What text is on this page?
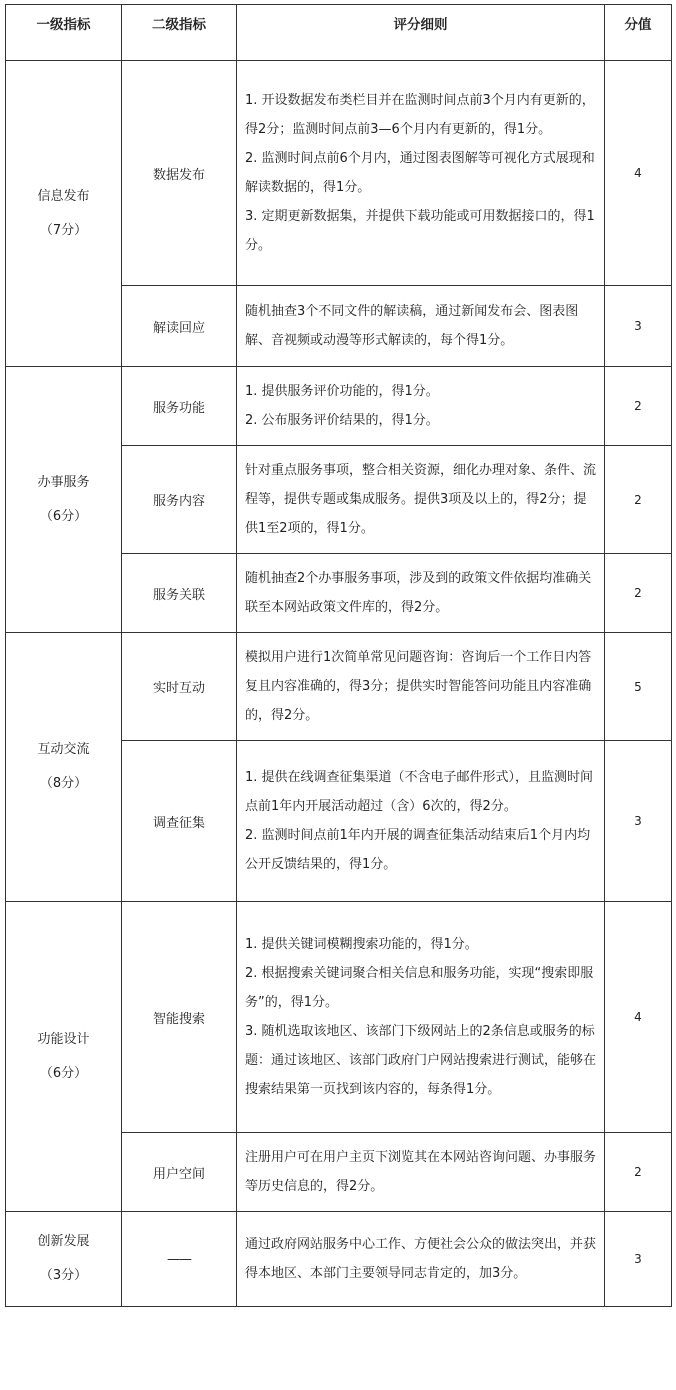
一级指标	二级指标	评分细则	分值

信息发布
（7分）	数据发布	1. 开设数据发布类栏目并在监测时间点前3个月内有更新的，得2分；监测时间点前3—6个月内有更新的，得1分。
2. 监测时间点前6个月内，通过图表图解等可视化方式展现和解读数据的，得1分。
3. 定期更新数据集，并提供下载功能或可用数据接口的，得1分。	4
	解读回应	随机抽查3个不同文件的解读稿，通过新闻发布会、图表图解、音视频或动漫等形式解读的，每个得1分。	3

办事服务
（6分）	服务功能	1. 提供服务评价功能的，得1分。
2. 公布服务评价结果的，得1分。	2
	服务内容	针对重点服务事项，整合相关资源，细化办理对象、条件、流程等，提供专题或集成服务。提供3项及以上的，得2分；提供1至2项的，得1分。	2
	服务关联	随机抽查2个办事服务事项，涉及到的政策文件依据均准确关联至本网站政策文件库的，得2分。	2

互动交流
（8分）	实时互动	模拟用户进行1次简单常见问题咨询：咨询后一个工作日内答复且内容准确的，得3分；提供实时智能答问功能且内容准确的，得2分。	5
	调查征集	1. 提供在线调查征集渠道（不含电子邮件形式），且监测时间点前1年内开展活动超过（含）6次的，得2分。
2. 监测时间点前1年内开展的调查征集活动结束后1个月内均公开反馈结果的，得1分。	3

功能设计
（6分）	智能搜索	1. 提供关键词模糊搜索功能的，得1分。
2. 根据搜索关键词聚合相关信息和服务功能，实现“搜索即服务”的，得1分。
3. 随机选取该地区、该部门下级网站上的2条信息或服务的标题：通过该地区、该部门政府门户网站搜索进行测试，能够在搜索结果第一页找到该内容的，每条得1分。	4
	用户空间	注册用户可在用户主页下浏览其在本网站咨询问题、办事服务等历史信息的，得2分。	2

创新发展
（3分）	——	通过政府网站服务中心工作、方便社会公众的做法突出，并获得本地区、本部门主要领导同志肯定的，加3分。	3
